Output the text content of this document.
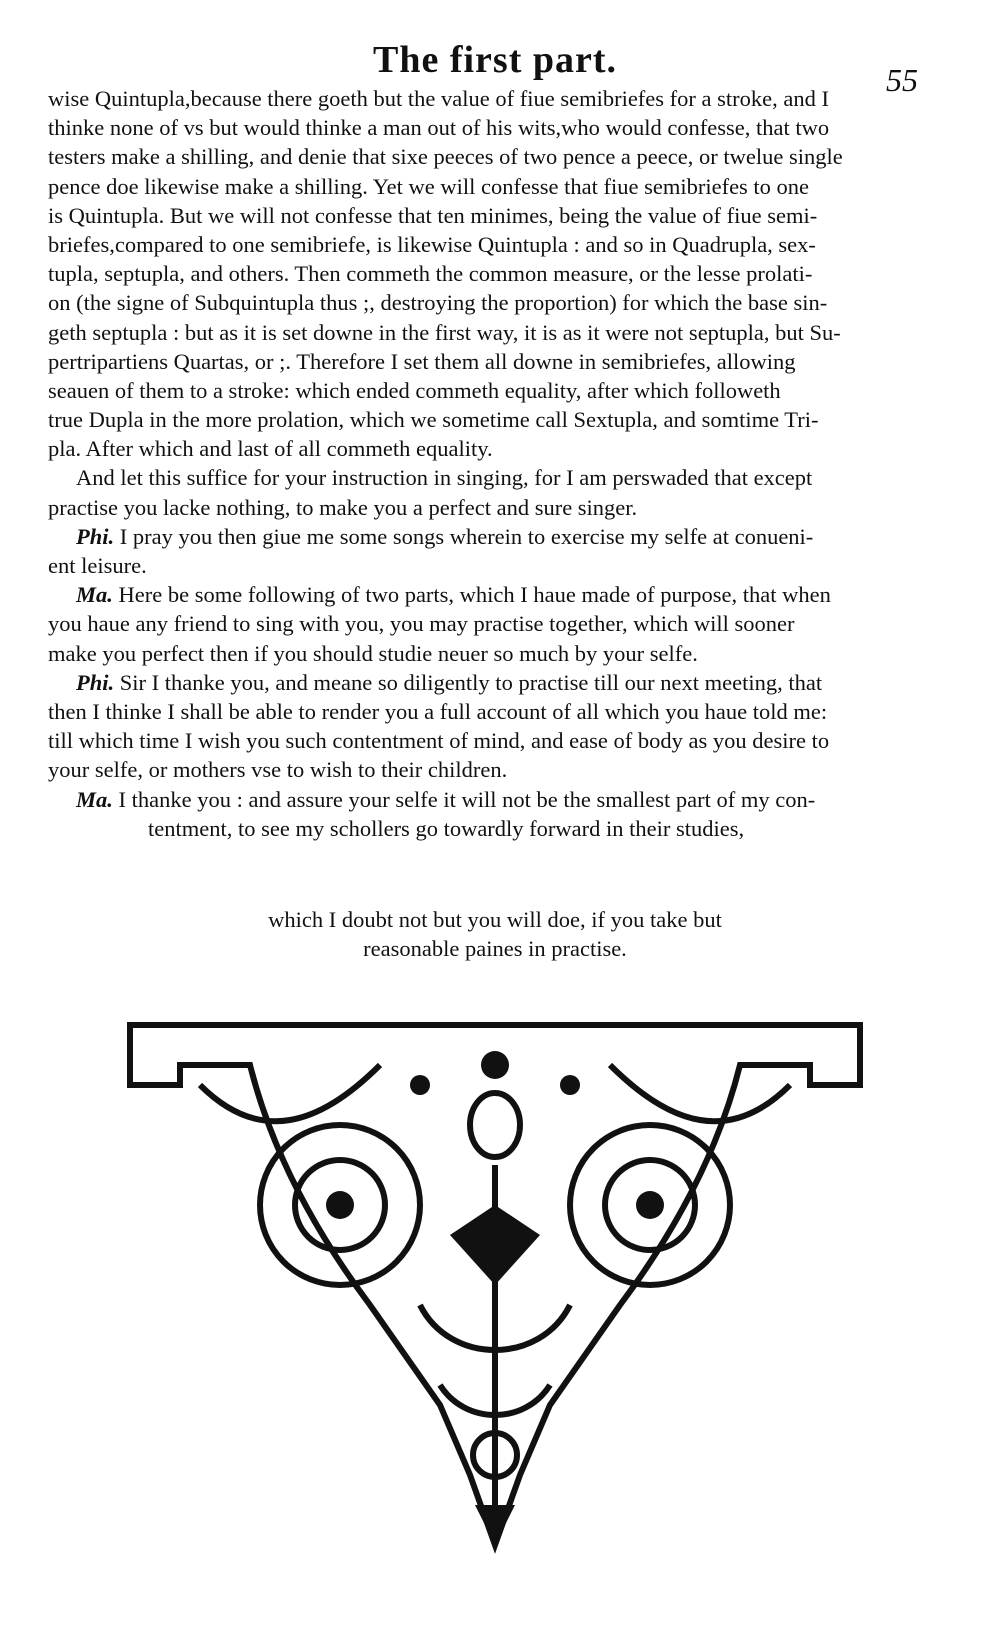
The first part.	55
wise Quintupla,because there goeth but the value of fiue semibriefes for a stroke, and I
thinke none of vs but would thinke a man out of his wits,who would confesse, that two
testers make a shilling, and denie that sixe peeces of two pence a peece, or twelue single
pence doe likewise make a shilling. Yet we will confesse that fiue semibriefes to one
is Quintupla. But we will not confesse that ten minimes, being the value of fiue semi-
briefes,compared to one semibriefe, is likewise Quintupla : and so in Quadrupla, sex-
tupla, septupla, and others. Then commeth the common measure, or the lesse prolati-
on (the signe of Subquintupla thus ;, destroying the proportion) for which the base sin-
geth septupla : but as it is set downe in the first way, it is as it were not septupla, but Su-
pertripartiens Quartas, or ;. Therefore I set them all downe in semibriefes, allowing
seauen of them to a stroke: which ended commeth equality, after which followeth
true Dupla in the more prolation, which we sometime call Sextupla, and somtime Tri-
pla. After which and last of all commeth equality.
And let this suffice for your instruction in singing, for I am perswaded that except
practise you lacke nothing, to make you a perfect and sure singer.
Phi. I pray you then giue me some songs wherein to exercise my selfe at conueni-
ent leisure.
Ma. Here be some following of two parts, which I haue made of purpose, that when
you haue any friend to sing with you, you may practise together, which will sooner
make you perfect then if you should studie neuer so much by your selfe.
Phi. Sir I thanke you, and meane so diligently to practise till our next meeting, that
then I thinke I shall be able to render you a full account of all which you haue told me:
till which time I wish you such contentment of mind, and ease of body as you desire to
your selfe, or mothers vse to wish to their children.
Ma. I thanke you : and assure your selfe it will not be the smallest part of my con-
tentment, to see my schollers go towardly forward in their studies,
which I doubt not but you will doe, if you take but
reasonable paines in practise.
